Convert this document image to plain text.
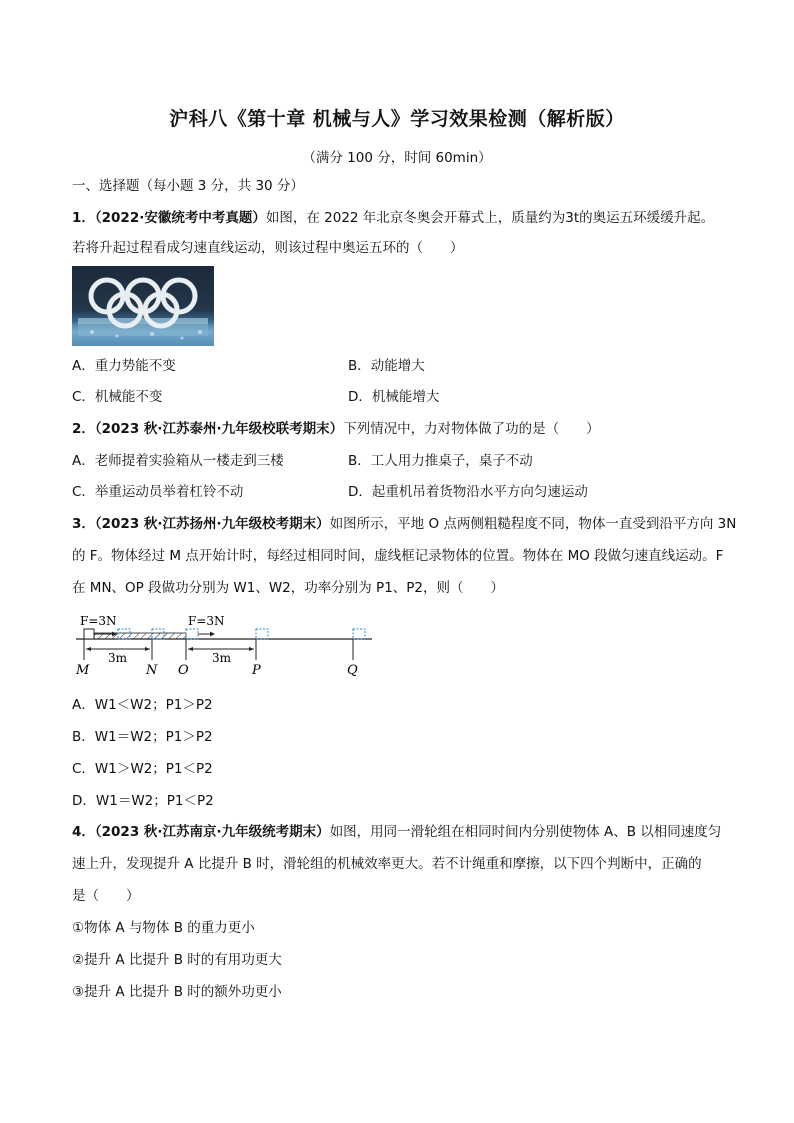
沪科八《第十章 机械与人》学习效果检测（解析版）
（满分 100 分，时间 60min）
一、选择题（每小题 3 分，共 30 分）
1．（2022·安徽统考中考真题）如图，在 2022 年北京冬奥会开幕式上，质量约为3t的奥运五环缓缓升起。
若将升起过程看成匀速直线运动，则该过程中奥运五环的（　　）
A．重力势能不变	B．动能增大
C．机械能不变	D．机械能增大
2．（2023 秋·江苏泰州·九年级校联考期末）下列情况中，力对物体做了功的是（　　）
A．老师提着实验箱从一楼走到三楼	B．工人用力推桌子，桌子不动
C．举重运动员举着杠铃不动	D．起重机吊着货物沿水平方向匀速运动
3．（2023 秋·江苏扬州·九年级校考期末）如图所示，平地 O 点两侧粗糙程度不同，物体一直受到沿平方向 3N
的 F。物体经过 M 点开始计时，每经过相同时间，虚线框记录物体的位置。物体在 MO 段做匀速直线运动。F
在 MN、OP 段做功分别为 W1、W2，功率分别为 P1、P2，则（　　）
F=3N	F=3N
3m	3m
M	N O	P	Q
A．W1＜W2；P1＞P2
B．W1＝W2；P1＞P2
C．W1＞W2；P1＜P2
D．W1＝W2；P1＜P2
4．（2023 秋·江苏南京·九年级统考期末）如图，用同一滑轮组在相同时间内分别使物体 A、B 以相同速度匀
速上升，发现提升 A 比提升 B 时，滑轮组的机械效率更大。若不计绳重和摩擦，以下四个判断中，正确的
是（　　）
①物体 A 与物体 B 的重力更小
②提升 A 比提升 B 时的有用功更大
③提升 A 比提升 B 时的额外功更小
